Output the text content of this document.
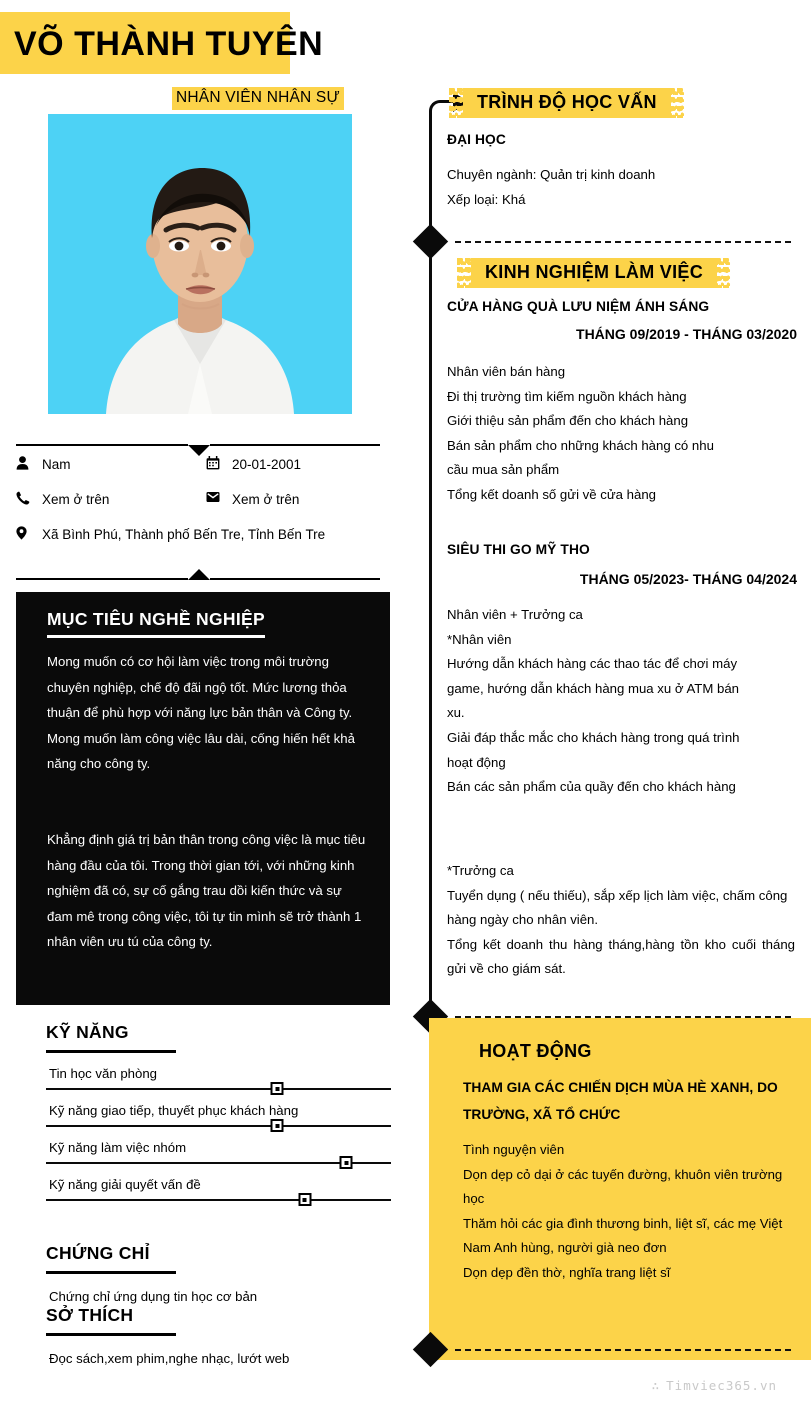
VÕ THÀNH TUYÊN
NHÂN VIÊN NHÂN SỰ
Nam	20-01-2001
Xem ở trên	Xem ở trên
Xã Bình Phú, Thành phố Bến Tre, Tỉnh Bến Tre
MỤC TIÊU NGHỀ NGHIỆP
Mong muốn có cơ hội làm việc trong môi trường chuyên nghiệp, chế độ đãi ngộ tốt. Mức lương thỏa thuận để phù hợp với năng lực bản thân và Công ty. Mong muốn làm công việc lâu dài, cống hiến hết khả năng cho công ty.
Khẳng định giá trị bản thân trong công việc là mục tiêu hàng đầu của tôi. Trong thời gian tới, với những kinh nghiệm đã có, sự cố gắng trau dồi kiến thức và sự đam mê trong công việc, tôi tự tin mình sẽ trở thành 1 nhân viên ưu tú của công ty.
KỸ NĂNG
Tin học văn phòng
Kỹ năng giao tiếp, thuyết phục khách hàng
Kỹ năng làm việc nhóm
Kỹ năng giải quyết vấn đề
CHỨNG CHỈ
Chứng chỉ ứng dụng tin học cơ bản
SỞ THÍCH
Đọc sách,xem phim,nghe nhạc, lướt web
TRÌNH ĐỘ HỌC VẤN
ĐẠI HỌC
Chuyên ngành: Quản trị kinh doanh
Xếp loại: Khá
KINH NGHIỆM LÀM VIỆC
CỬA HÀNG QUÀ LƯU NIỆM ÁNH SÁNG
THÁNG 09/2019 - THÁNG 03/2020
Nhân viên bán hàng
Đi thị trường tìm kiếm nguồn khách hàng
Giới thiệu sản phẩm đến cho khách hàng
Bán sản phẩm cho những khách hàng có nhu cầu mua sản phẩm
Tổng kết doanh số gửi về cửa hàng
SIÊU THI GO MỸ THO
THÁNG 05/2023- THÁNG 04/2024
Nhân viên + Trưởng ca
*Nhân viên
Hướng dẫn khách hàng các thao tác để chơi máy game, hướng dẫn khách hàng mua xu ở ATM bán xu.
Giải đáp thắc mắc cho khách hàng trong quá trình hoạt động
Bán các sản phẩm của quầy đến cho khách hàng
*Trưởng ca
Tuyển dụng ( nếu thiếu), sắp xếp lịch làm việc, chấm công hàng ngày cho nhân viên.
Tổng kết doanh thu hàng tháng,hàng tồn kho cuối tháng gửi về cho giám sát.
HOẠT ĐỘNG
THAM GIA CÁC CHIẾN DỊCH MÙA HÈ XANH, DO TRƯỜNG, XÃ TỔ CHỨC
Tình nguyện viên
Dọn dẹp cỏ dại ở các tuyến đường, khuôn viên trường học
Thăm hỏi các gia đình thương binh, liệt sĩ, các mẹ Việt Nam Anh hùng, người già neo đơn
Dọn dẹp đền thờ, nghĩa trang liệt sĩ
∴ Timviec365.vn
